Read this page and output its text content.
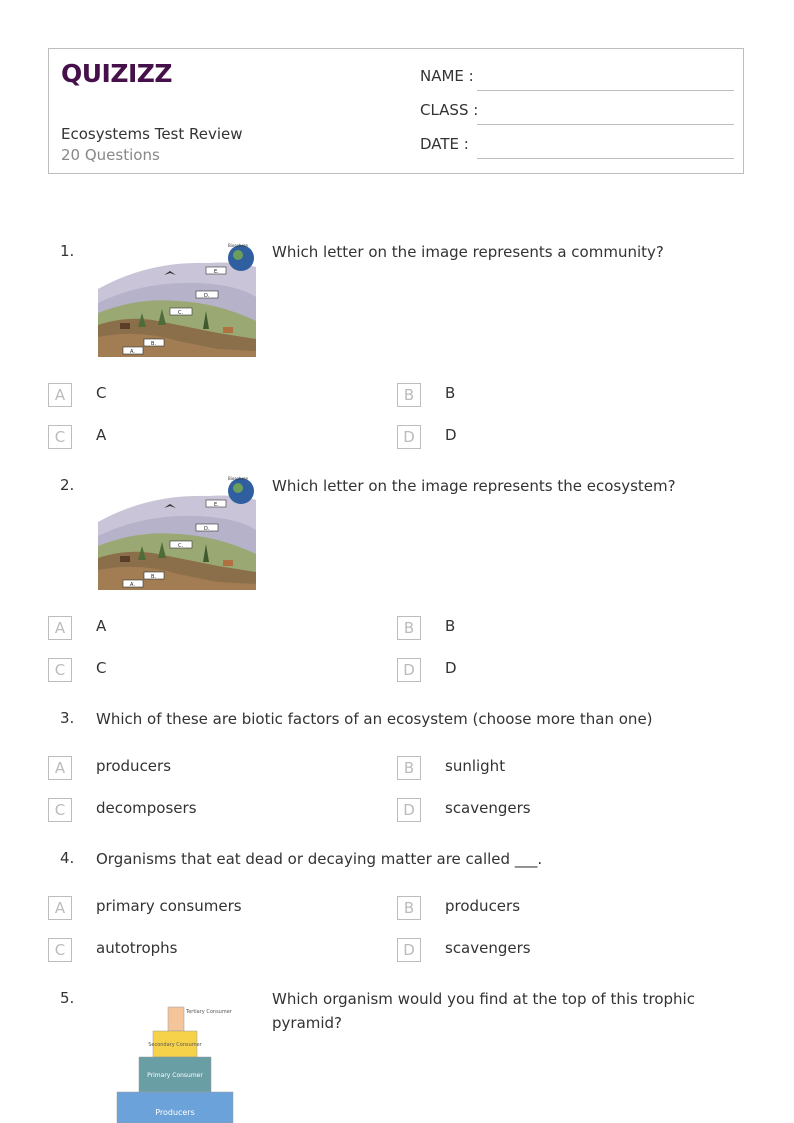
QUIZIZZ
Ecosystems Test Review
20 Questions
NAME :
CLASS :
DATE :
1.	Biosphere
E.
D.
C.
B.
A.
Which letter on the image represents a community?
A	C	B	B
C	A	D	D
2.	Biosphere
E.
D.
C.
B.
A.
Which letter on the image represents the ecosystem?
A	A	B	B
C	C	D	D
3. Which of these are biotic factors of an ecosystem (choose more than one)
A	producers	B	sunlight
C	decomposers	D	scavengers
4. Organisms that eat dead or decaying matter are called ___.
A	primary consumers	B	producers
C	autotrophs	D	scavengers
5.
Tertiary Consumer
Secondary Consumer
Primary Consumer
Producers
Which organism would you find at the top of this trophic pyramid?
